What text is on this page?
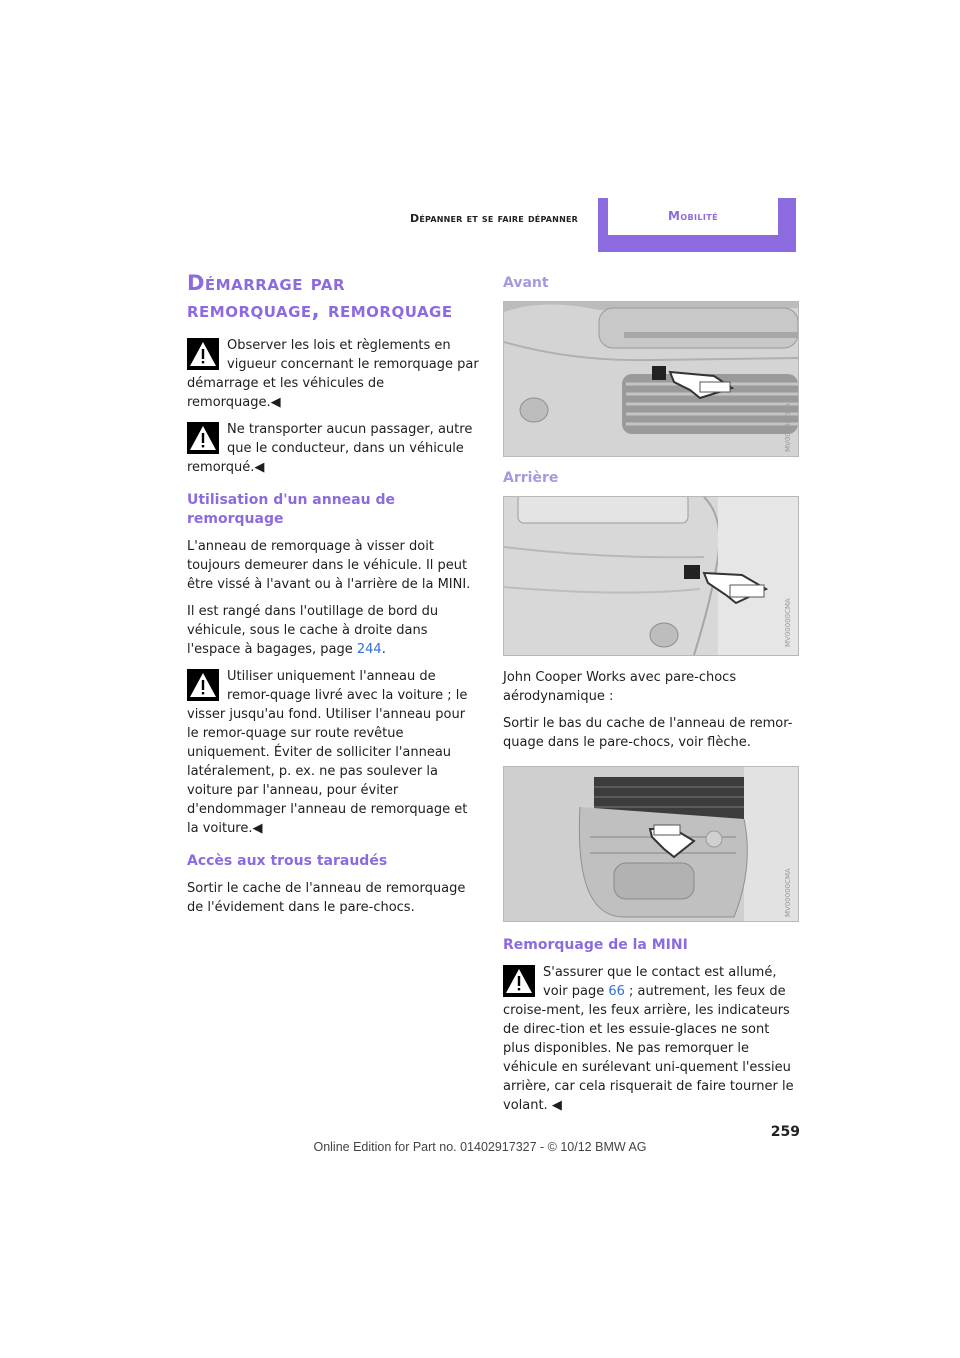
Dépanner et se faire dépanner	Mobilité
Démarrage par remorquage, remorquage
Observer les lois et règlements en vigueur concernant le remorquage par démarrage et les véhicules de remorquage.◀
Ne transporter aucun passager, autre que le conducteur, dans un véhicule remorqué.◀
Utilisation d'un anneau de remorquage

L'anneau de remorquage à visser doit toujours demeurer dans le véhicule. Il peut être vissé à l'avant ou à l'arrière de la MINI.

Il est rangé dans l'outillage de bord du véhicule, sous le cache à droite dans l'espace à bagages, page 244.

Utiliser uniquement l'anneau de remor-quage livré avec la voiture ; le visser jusqu'au fond. Utiliser l'anneau pour le remor-quage sur route revêtue uniquement. Éviter de solliciter l'anneau latéralement, p. ex. ne pas soulever la voiture par l'anneau, pour éviter d'endommager l'anneau de remorquage et la voiture.◀
Accès aux trous taraudés

Sortir le cache de l'anneau de remorquage de l'évidement dans le pare-chocs.

Avant
MV00000CMA
Arrière
MV00000CMA

John Cooper Works avec pare-chocs aérodynamique :

Sortir le bas du cache de l'anneau de remor-quage dans le pare-chocs, voir flèche.

MV00000CMA
Remorquage de la MINI
S'assurer que le contact est allumé, voir page 66 ; autrement, les feux de croise-ment, les feux arrière, les indicateurs de direc-tion et les essuie-glaces ne sont plus disponibles. Ne pas remorquer le véhicule en surélevant uni-quement l'essieu arrière, car cela risquerait de faire tourner le volant. ◀
259
Online Edition for Part no. 01402917327 - © 10/12 BMW AG
